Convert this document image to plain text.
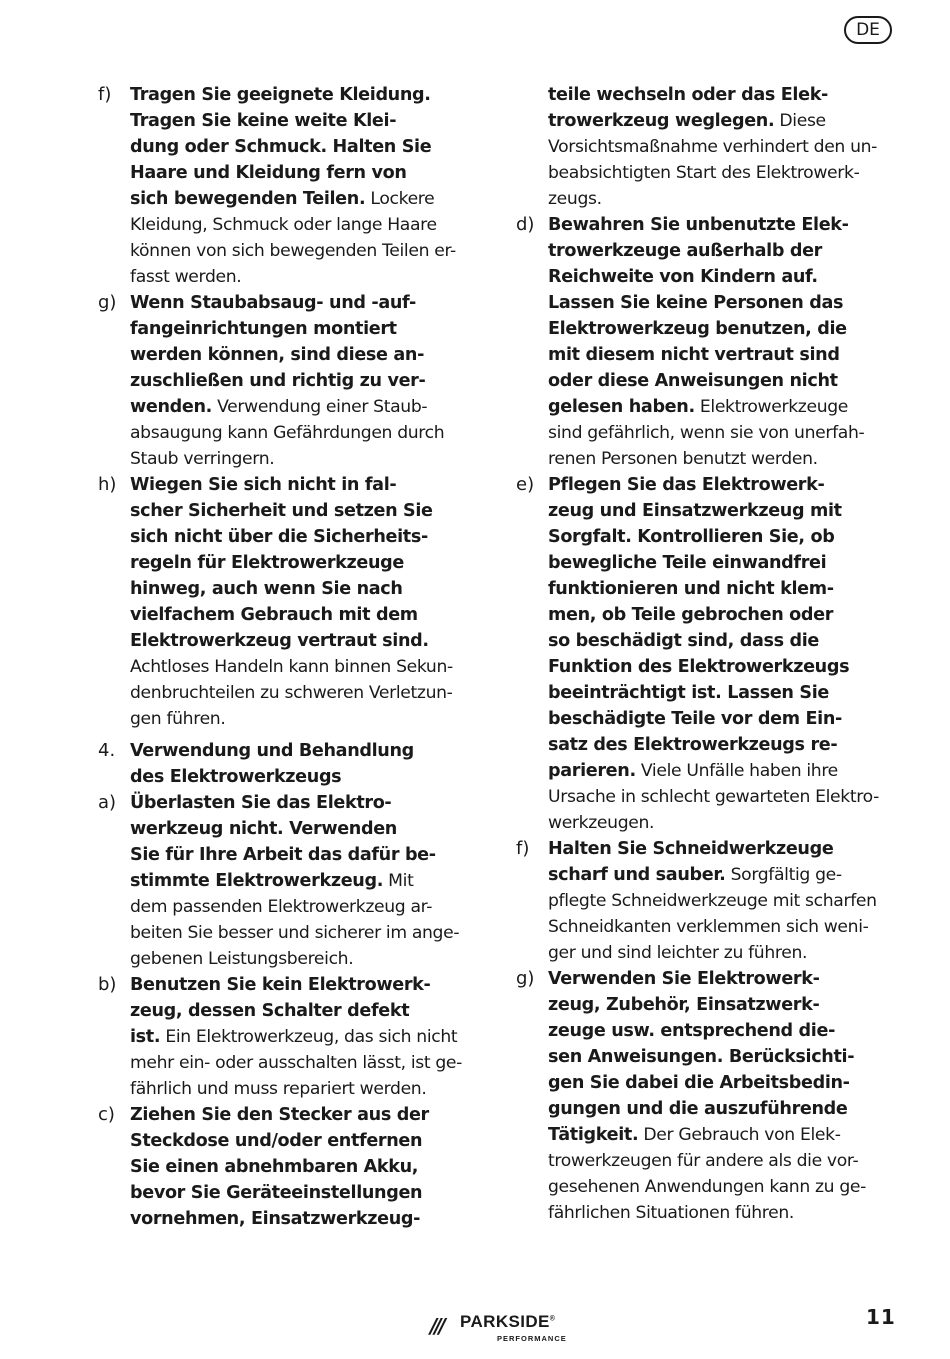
DE
f) Tragen Sie geeignete Kleidung.
Tragen Sie keine weite Klei-
dung oder Schmuck. Halten Sie
Haare und Kleidung fern von
sich bewegenden Teilen. Lockere
Kleidung, Schmuck oder lange Haare
können von sich bewegenden Teilen er-
fasst werden.
g) Wenn Staubabsaug- und -auf-
fangeinrichtungen montiert
werden können, sind diese an-
zuschließen und richtig zu ver-
wenden. Verwendung einer Staub-
absaugung kann Gefährdungen durch
Staub verringern.
h) Wiegen Sie sich nicht in fal-
scher Sicherheit und setzen Sie
sich nicht über die Sicherheits-
regeln für Elektrowerkzeuge
hinweg, auch wenn Sie nach
vielfachem Gebrauch mit dem
Elektrowerkzeug vertraut sind.
Achtloses Handeln kann binnen Sekun-
denbruchteilen zu schweren Verletzun-
gen führen.
4. Verwendung und Behandlung
des Elektrowerkzeugs
a) Überlasten Sie das Elektro-
werkzeug nicht. Verwenden
Sie für Ihre Arbeit das dafür be-
stimmte Elektrowerkzeug. Mit
dem passenden Elektrowerkzeug ar-
beiten Sie besser und sicherer im ange-
gebenen Leistungsbereich.
b) Benutzen Sie kein Elektrowerk-
zeug, dessen Schalter defekt
ist. Ein Elektrowerkzeug, das sich nicht
mehr ein- oder ausschalten lässt, ist ge-
fährlich und muss repariert werden.
c) Ziehen Sie den Stecker aus der
Steckdose und/oder entfernen
Sie einen abnehmbaren Akku,
bevor Sie Geräteeinstellungen
vornehmen, Einsatzwerkzeug-
teile wechseln oder das Elek-
trowerkzeug weglegen. Diese
Vorsichtsmaßnahme verhindert den un-
beabsichtigten Start des Elektrowerk-
zeugs.
d) Bewahren Sie unbenutzte Elek-
trowerkzeuge außerhalb der
Reichweite von Kindern auf.
Lassen Sie keine Personen das
Elektrowerkzeug benutzen, die
mit diesem nicht vertraut sind
oder diese Anweisungen nicht
gelesen haben. Elektrowerkzeuge
sind gefährlich, wenn sie von unerfah-
renen Personen benutzt werden.
e) Pflegen Sie das Elektrowerk-
zeug und Einsatzwerkzeug mit
Sorgfalt. Kontrollieren Sie, ob
bewegliche Teile einwandfrei
funktionieren und nicht klem-
men, ob Teile gebrochen oder
so beschädigt sind, dass die
Funktion des Elektrowerkzeugs
beeinträchtigt ist. Lassen Sie
beschädigte Teile vor dem Ein-
satz des Elektrowerkzeugs re-
parieren. Viele Unfälle haben ihre
Ursache in schlecht gewarteten Elektro-
werkzeugen.
f) Halten Sie Schneidwerkzeuge
scharf und sauber. Sorgfältig ge-
pflegte Schneidwerkzeuge mit scharfen
Schneidkanten verklemmen sich weni-
ger und sind leichter zu führen.
g) Verwenden Sie Elektrowerk-
zeug, Zubehör, Einsatzwerk-
zeuge usw. entsprechend die-
sen Anweisungen. Berücksichti-
gen Sie dabei die Arbeitsbedin-
gungen und die auszuführende
Tätigkeit. Der Gebrauch von Elek-
trowerkzeugen für andere als die vor-
gesehenen Anwendungen kann zu ge-
fährlichen Situationen führen.
/// PARKSIDE®
PERFORMANCE
11
